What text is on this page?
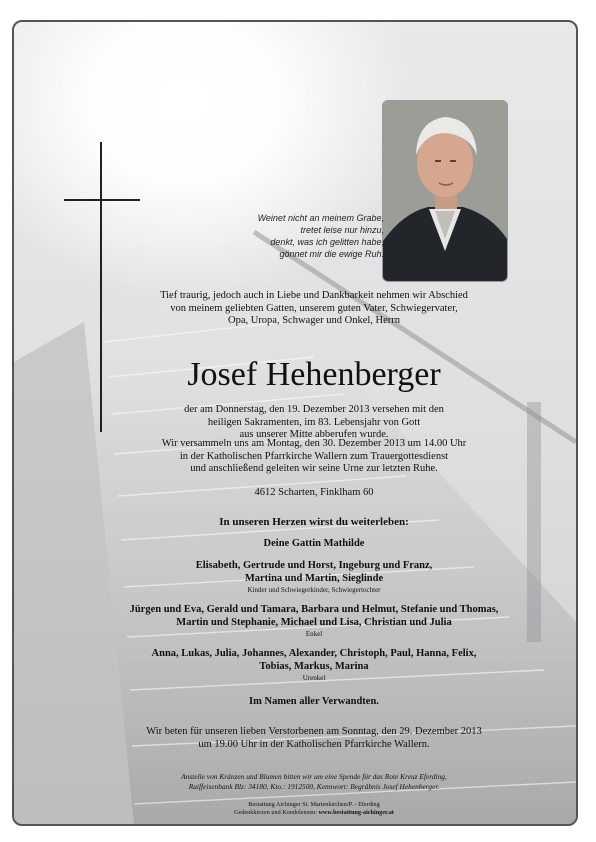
Weinet nicht an meinem Grabe,
tretet leise nur hinzu,
denkt, was ich gelitten habe,
gönnet mir die ewige Ruh.
Tief traurig, jedoch auch in Liebe und Dankbarkeit nehmen wir Abschied
von meinem geliebten Gatten, unserem guten Vater, Schwiegervater,
Opa, Uropa, Schwager und Onkel, Herrn
Josef Hehenberger
der am Donnerstag, den 19. Dezember 2013 versehen mit den
heiligen Sakramenten, im 83. Lebensjahr von Gott
aus unserer Mitte abberufen wurde.
Wir versammeln uns am Montag, den 30. Dezember 2013 um 14.00 Uhr
in der Katholischen Pfarrkirche Wallern zum Trauergottesdienst
und anschließend geleiten wir seine Urne zur letzten Ruhe.
4612 Scharten, Finklham 60
In unseren Herzen wirst du weiterleben:
Deine Gattin Mathilde
Elisabeth, Gertrude und Horst, Ingeburg und Franz,
Martina und Martin, Sieglinde
Kinder und Schwiegerkinder, Schwiegertochter
Jürgen und Eva, Gerald und Tamara, Barbara und Helmut, Stefanie und Thomas,
Martin und Stephanie, Michael und Lisa, Christian und Julia
Enkel
Anna, Lukas, Julia, Johannes, Alexander, Christoph, Paul, Hanna, Felix,
Tobias, Markus, Marina
Urenkel
Im Namen aller Verwandten.
Wir beten für unseren lieben Verstorbenen am Sonntag, den 29. Dezember 2013
um 19.00 Uhr in der Katholischen Pfarrkirche Wallern.
Anstelle von Kränzen und Blumen bitten wir um eine Spende für das Rote Kreuz Eferding,
Raiffeisenbank Blz: 34180, Kto.: 1912500, Kennwort: Begräbnis Josef Hehenberger.
Bestattung Aichinger St. Marienkirchen/P. - Eferding
Gedenkkerzen und Kondolenzen: www.bestattung-aichinger.at
